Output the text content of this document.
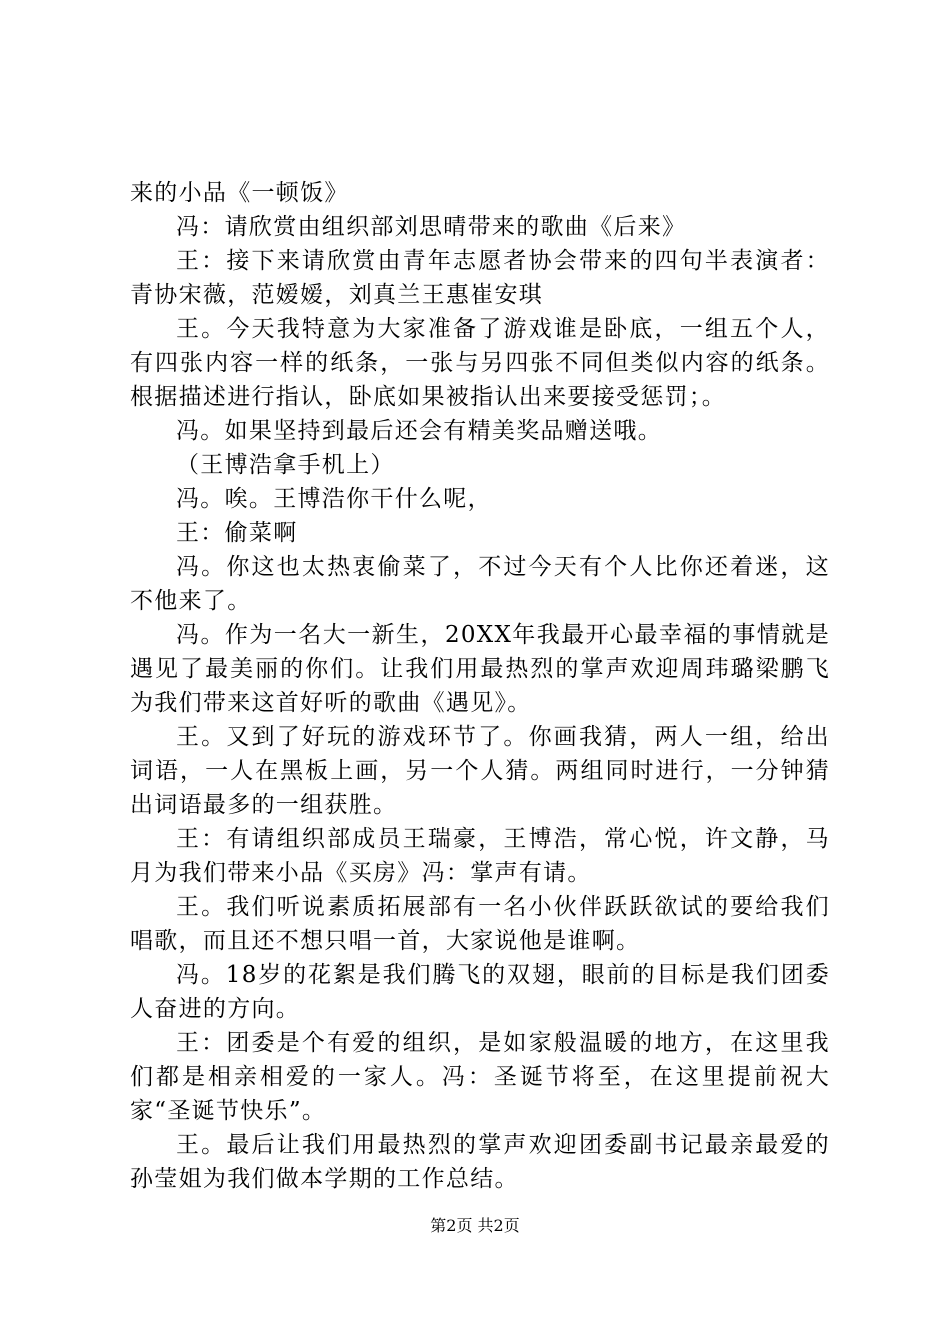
来的小品《一顿饭》

冯：请欣赏由组织部刘思晴带来的歌曲《后来》

王：接下来请欣赏由青年志愿者协会带来的四句半表演者：青协宋薇，范嫒嫒，刘真兰王惠崔安琪

王。今天我特意为大家准备了游戏谁是卧底，一组五个人，有四张内容一样的纸条，一张与另四张不同但类似内容的纸条。根据描述进行指认，卧底如果被指认出来要接受惩罚；。

冯。如果坚持到最后还会有精美奖品赠送哦。

（王博浩拿手机上）

冯。唉。王博浩你干什么呢，

王：偷菜啊

冯。你这也太热衷偷菜了，不过今天有个人比你还着迷，这不他来了。

冯。作为一名大一新生，20XX年我最开心最幸福的事情就是遇见了最美丽的你们。让我们用最热烈的掌声欢迎周玮璐梁鹏飞为我们带来这首好听的歌曲《遇见》。

王。又到了好玩的游戏环节了。你画我猜，两人一组，给出词语，一人在黑板上画，另一个人猜。两组同时进行，一分钟猜出词语最多的一组获胜。

王：有请组织部成员王瑞豪，王博浩，常心悦，许文静，马月为我们带来小品《买房》冯：掌声有请。

王。我们听说素质拓展部有一名小伙伴跃跃欲试的要给我们唱歌，而且还不想只唱一首，大家说他是谁啊。

冯。18岁的花絮是我们腾飞的双翅，眼前的目标是我们团委人奋进的方向。

王：团委是个有爱的组织，是如家般温暖的地方，在这里我们都是相亲相爱的一家人。冯：圣诞节将至，在这里提前祝大家“圣诞节快乐”。

王。最后让我们用最热烈的掌声欢迎团委副书记最亲最爱的孙莹姐为我们做本学期的工作总结。

第2页 共2页
